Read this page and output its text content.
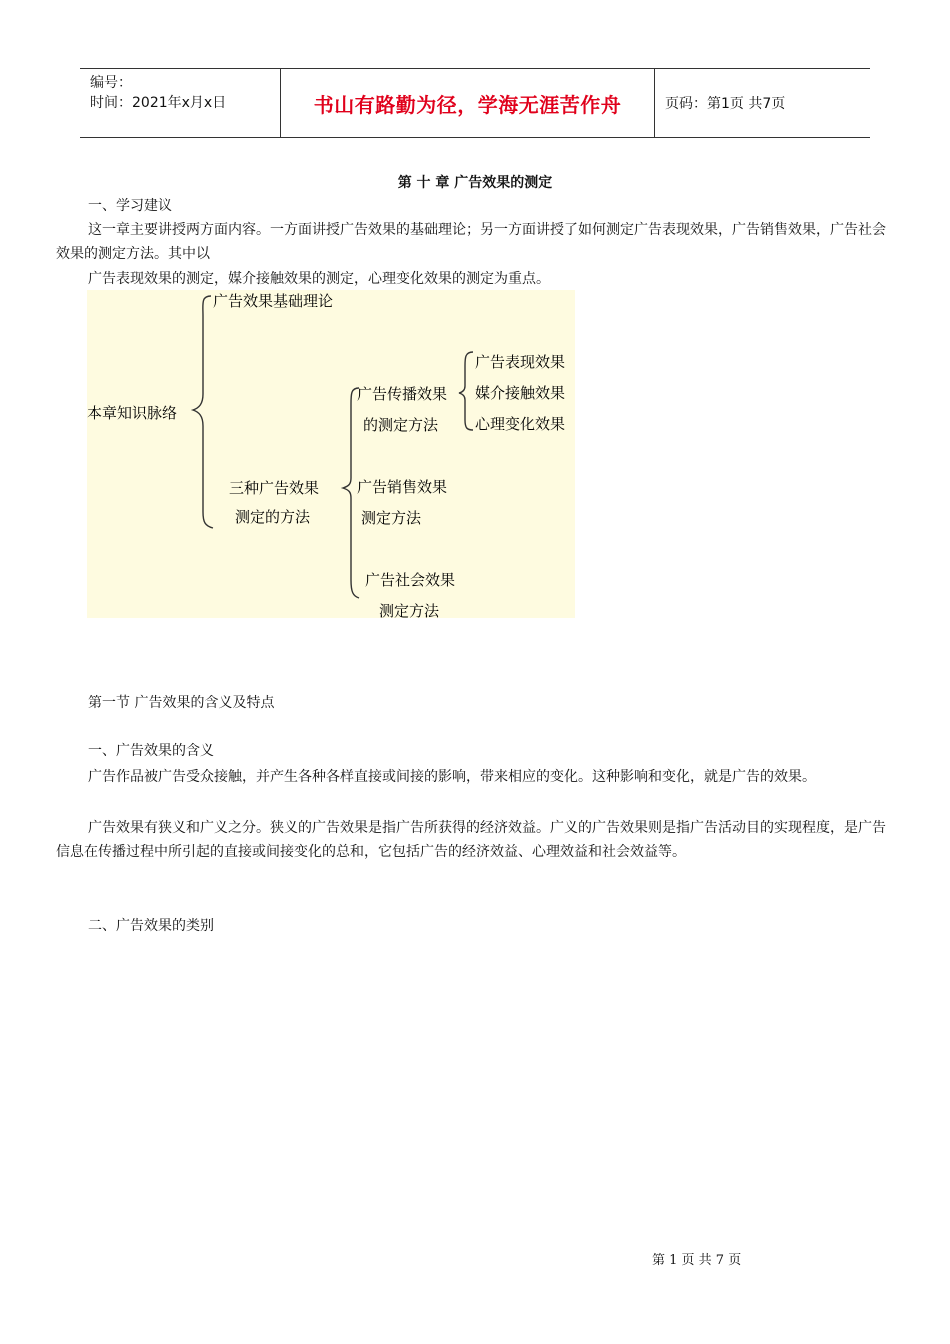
编号：
时间：2021年x月x日	书山有路勤为径，学海无涯苦作舟	页码：第1页 共7页
第 十 章 广告效果的测定
一、学习建议
这一章主要讲授两方面内容。一方面讲授广告效果的基础理论；另一方面讲授了如何测定广告表现效果，广告销售效果，广告社会效果的测定方法。其中以
广告表现效果的测定，媒介接触效果的测定，心理变化效果的测定为重点。
本章知识脉络
广告效果基础理论
三种广告效果
测定的方法
广告传播效果
的测定方法
广告销售效果
测定方法
广告社会效果
测定方法
广告表现效果
媒介接触效果
心理变化效果
第一节 广告效果的含义及特点
一、广告效果的含义
广告作品被广告受众接触，并产生各种各样直接或间接的影响，带来相应的变化。这种影响和变化，就是广告的效果。
广告效果有狭义和广义之分。狭义的广告效果是指广告所获得的经济效益。广义的广告效果则是指广告活动目的实现程度，是广告信息在传播过程中所引起的直接或间接变化的总和，它包括广告的经济效益、心理效益和社会效益等。
二、广告效果的类别
第 1 页 共 7 页
